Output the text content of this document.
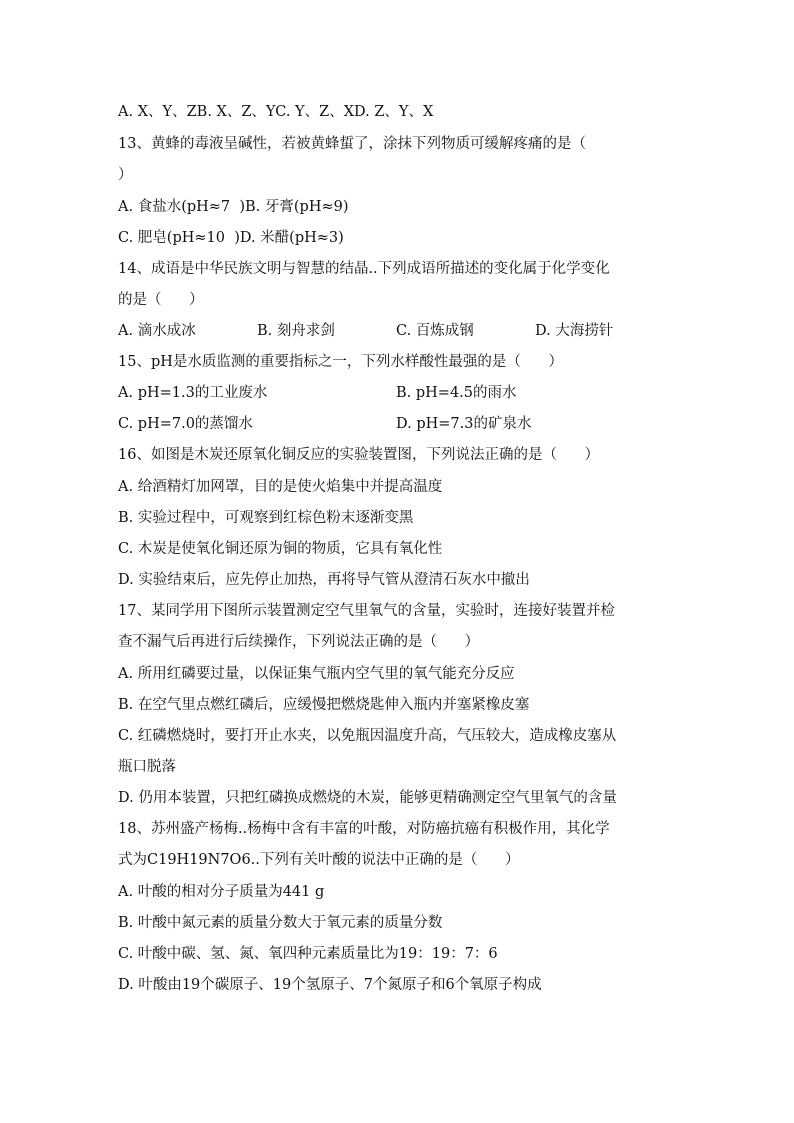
A. X、Y、ZB. X、Z、YC. Y、Z、XD. Z、Y、X
13、黄蜂的毒液呈碱性，若被黄蜂蜇了，涂抹下列物质可缓解疼痛的是（
）
A. 食盐水(pH≈7  )B. 牙膏(pH≈9)
C. 肥皂(pH≈10  )D. 米醋(pH≈3)
14、成语是中华民族文明与智慧的结晶..下列成语所描述的变化属于化学变化
的是（      ）
A. 滴水成冰	B. 刻舟求剑	C. 百炼成钢	D. 大海捞针
15、pH是水质监测的重要指标之一，下列水样酸性最强的是（      ）
A. pH=1.3的工业废水	B. pH=4.5的雨水
C. pH=7.0的蒸馏水	D. pH=7.3的矿泉水
16、如图是木炭还原氧化铜反应的实验装置图，下列说法正确的是（      ）
A. 给酒精灯加网罩，目的是使火焰集中并提高温度
B. 实验过程中，可观察到红棕色粉末逐渐变黑
C. 木炭是使氧化铜还原为铜的物质，它具有氧化性
D. 实验结束后，应先停止加热，再将导气管从澄清石灰水中撤出
17、某同学用下图所示装置测定空气里氧气的含量，实验时，连接好装置并检
查不漏气后再进行后续操作，下列说法正确的是（      ）
A. 所用红磷要过量，以保证集气瓶内空气里的氧气能充分反应
B. 在空气里点燃红磷后，应缓慢把燃烧匙伸入瓶内并塞紧橡皮塞
C. 红磷燃烧时，要打开止水夹，以免瓶因温度升高，气压较大，造成橡皮塞从
瓶口脱落
D. 仍用本装置，只把红磷换成燃烧的木炭，能够更精确测定空气里氧气的含量
18、苏州盛产杨梅..杨梅中含有丰富的叶酸，对防癌抗癌有积极作用，其化学
式为C19H19N7O6..下列有关叶酸的说法中正确的是（      ）
A. 叶酸的相对分子质量为441 g
B. 叶酸中氮元素的质量分数大于氧元素的质量分数
C. 叶酸中碳、氢、氮、氧四种元素质量比为19：19：7：6
D. 叶酸由19个碳原子、19个氢原子、7个氮原子和6个氧原子构成
